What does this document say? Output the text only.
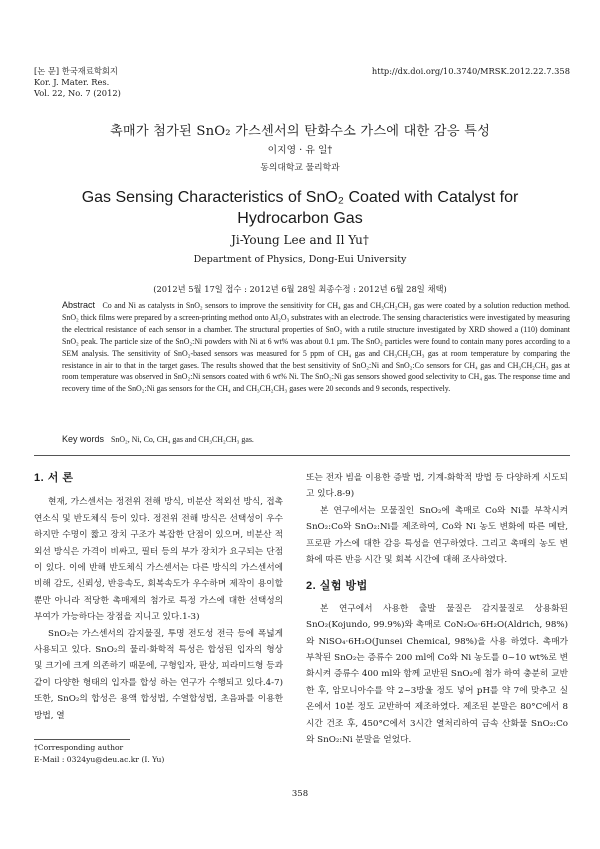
[논 문] 한국재료학회지
Kor. J. Mater. Res.
Vol. 22, No. 7 (2012)
http://dx.doi.org/10.3740/MRSK.2012.22.7.358
촉매가 첨가된 SnO₂ 가스센서의 탄화수소 가스에 대한 감응 특성
이지영 · 유 일†
동의대학교 물리학과
Gas Sensing Characteristics of SnO₂ Coated with Catalyst for Hydrocarbon Gas
Ji-Young Lee and Il Yu†
Department of Physics, Dong-Eui University
(2012년 5월 17일 접수 : 2012년 6월 28일 최종수정 : 2012년 6월 28일 채택)
Abstract Co and Ni as catalysts in SnO₂ sensors to improve the sensitivity for CH₄ gas and CH₃CH₂CH₃ gas were coated by a solution reduction method. SnO₂ thick films were prepared by a screen-printing method onto Al₂O₃ substrates with an electrode. The sensing characteristics were investigated by measuring the electrical resistance of each sensor in a chamber. The structural properties of SnO₂ with a rutile structure investigated by XRD showed a (110) dominant SnO₂ peak. The particle size of the SnO₂:Ni powders with Ni at 6 wt% was about 0.1 µm. The SnO₂ particles were found to contain many pores according to a SEM analysis. The sensitivity of SnO₂-based sensors was measured for 5 ppm of CH₄ gas and CH₃CH₂CH₃ gas at room temperature by comparing the resistance in air to that in the target gases. The results showed that the best sensitivity of SnO₂:Ni and SnO₂:Co sensors for CH₄ gas and CH₃CH₂CH₃ gas at room temperature was observed in SnO₂:Ni sensors coated with 6 wt% Ni. The SnO₂:Ni gas sensors showed good selectivity to CH₄ gas. The response time and recovery time of the SnO₂:Ni gas sensors for the CH₄ and CH₃CH₂CH₃ gases were 20 seconds and 9 seconds, respectively.
Key words SnO₂, Ni, Co, CH₄ gas and CH₃CH₂CH₃ gas.
1. 서 론

현재, 가스센서는 정전위 전해 방식, 비분산 적외선 방식, 접촉 연소식 및 반도체식 등이 있다. 정전위 전해 방식은 선택성이 우수하지만 수명이 짧고 장치 구조가 복잡한 단점이 있으며, 비분산 적외선 방식은 가격이 비싸고, 필터 등의 부가 장치가 요구되는 단점이 있다. 이에 반해 반도체식 가스센서는 다른 방식의 가스센서에 비해 감도, 신뢰성, 반응속도, 회복속도가 우수하며 제작이 용이할 뿐만 아니라 적당한 촉매제의 첨가로 특정 가스에 대한 선택성의 부여가 가능하다는 장점을 지니고 있다.1-3)

SnO₂는 가스센서의 감지물질, 투명 전도성 전극 등에 폭넓게 사용되고 있다. SnO₂의 물리·화학적 특성은 합성된 입자의 형상 및 크기에 크게 의존하기 때문에, 구형입자, 판상, 피라미드형 등과 같이 다양한 형태의 입자를 합성 하는 연구가 수행되고 있다.4-7) 또한, SnO₂의 합성은 용액 합성법, 수열합성법, 초음파를 이용한 방법, 열

†Corresponding author
E-Mail : 0324yu@deu.ac.kr (I. Yu)

또는 전자 빔을 이용한 증발 법, 기계-화학적 방법 등 다양하게 시도되고 있다.8-9)

본 연구에서는 모물질인 SnO₂에 촉매로 Co와 Ni를 부착시켜 SnO₂:Co와 SnO₂:Ni를 제조하여, Co와 Ni 농도 변화에 따른 메탄, 프로판 가스에 대한 감응 특성을 연구하였다. 그리고 촉매의 농도 변화에 따른 반응 시간 및 회복 시간에 대해 조사하였다.

2. 실험 방법

본 연구에서 사용한 출발 물질은 감지물질로 상용화된 SnO₂(Kojundo, 99.9%)와 촉매로 CoN₂O₆·6H₂O(Aldrich, 98%)와 NiSO₄·6H₂O(Junsei Chemical, 98%)을 사용 하였다. 촉매가 부착된 SnO₂는 증류수 200 ml에 Co와 Ni 농도를 0~10 wt%로 변화시켜 증류수 400 ml와 함께 교반된 SnO₂에 첨가 하여 충분히 교반 한 후, 암모니아수를 약 2~3방울 정도 넣어 pH를 약 7에 맞추고 실온에서 10분 정도 교반하여 제조하였다. 제조된 분말은 80°C에서 8시간 건조 후, 450°C에서 3시간 열처리하여 금속 산화물 SnO₂:Co와 SnO₂:Ni 분말을 얻었다.

358
